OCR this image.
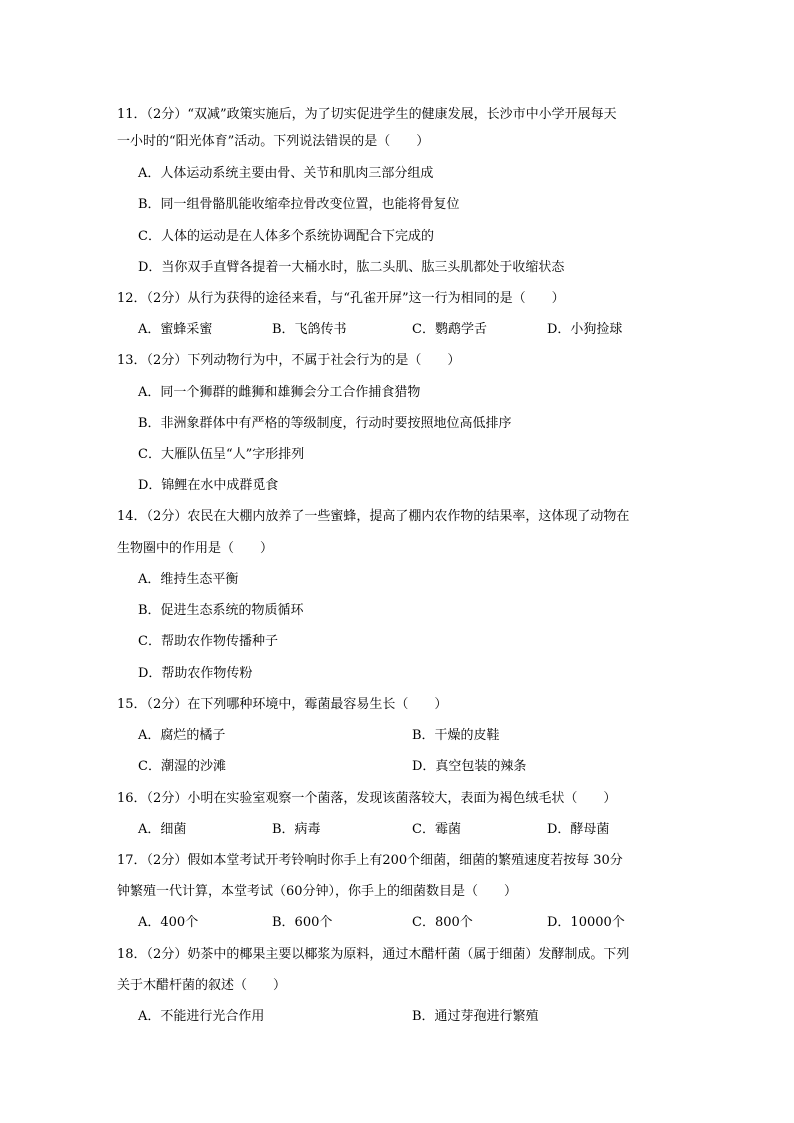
11．（2分）“双减”政策实施后，为了切实促进学生的健康发展，长沙市中小学开展每天
一小时的“阳光体育”活动。下列说法错误的是（　　）
A．人体运动系统主要由骨、关节和肌肉三部分组成
B．同一组骨骼肌能收缩牵拉骨改变位置，也能将骨复位
C．人体的运动是在人体多个系统协调配合下完成的
D．当你双手直臂各提着一大桶水时，肱二头肌、肱三头肌都处于收缩状态
12．（2分）从行为获得的途径来看，与“孔雀开屏”这一行为相同的是（　　）
A．蜜蜂采蜜	B．飞鸽传书	C．鹦鹉学舌	D．小狗捡球
13．（2分）下列动物行为中，不属于社会行为的是（　　）
A．同一个狮群的雌狮和雄狮会分工合作捕食猎物
B．非洲象群体中有严格的等级制度，行动时要按照地位高低排序
C．大雁队伍呈“人”字形排列
D．锦鲤在水中成群觅食
14．（2分）农民在大棚内放养了一些蜜蜂，提高了棚内农作物的结果率，这体现了动物在
生物圈中的作用是（　　）
A．维持生态平衡
B．促进生态系统的物质循环
C．帮助农作物传播种子
D．帮助农作物传粉
15．（2分）在下列哪种环境中，霉菌最容易生长（　　）
A．腐烂的橘子	B．干燥的皮鞋
C．潮湿的沙滩	D．真空包装的辣条
16．（2分）小明在实验室观察一个菌落，发现该菌落较大，表面为褐色绒毛状（　　）
A．细菌	B．病毒	C．霉菌	D．酵母菌
17．（2分）假如本堂考试开考铃响时你手上有200个细菌，细菌的繁殖速度若按每 30分
钟繁殖一代计算，本堂考试（60分钟），你手上的细菌数目是（　　）
A．400个	B．600个	C．800个	D．10000个
18．（2分）奶茶中的椰果主要以椰浆为原料，通过木醋杆菌（属于细菌）发酵制成。下列
关于木醋杆菌的叙述（　　）
A．不能进行光合作用	B．通过芽孢进行繁殖
